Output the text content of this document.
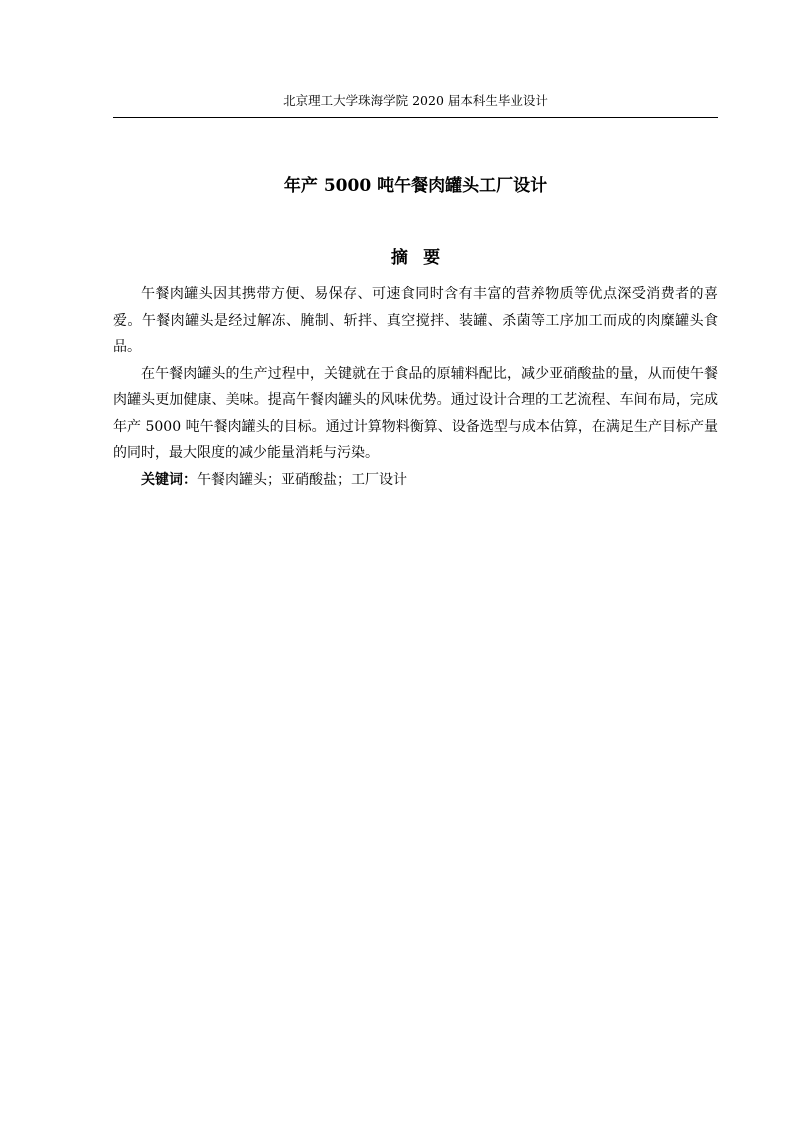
北京理工大学珠海学院 2020 届本科生毕业设计
年产 5000 吨午餐肉罐头工厂设计
摘要

午餐肉罐头因其携带方便、易保存、可速食同时含有丰富的营养物质等优点深受消费者的喜爱。午餐肉罐头是经过解冻、腌制、斩拌、真空搅拌、装罐、杀菌等工序加工而成的肉糜罐头食品。

在午餐肉罐头的生产过程中，关键就在于食品的原辅料配比，减少亚硝酸盐的量，从而使午餐肉罐头更加健康、美味。提高午餐肉罐头的风味优势。通过设计合理的工艺流程、车间布局，完成年产 5000 吨午餐肉罐头的目标。通过计算物料衡算、设备选型与成本估算，在满足生产目标产量的同时，最大限度的减少能量消耗与污染。

关键词：午餐肉罐头；亚硝酸盐；工厂设计
